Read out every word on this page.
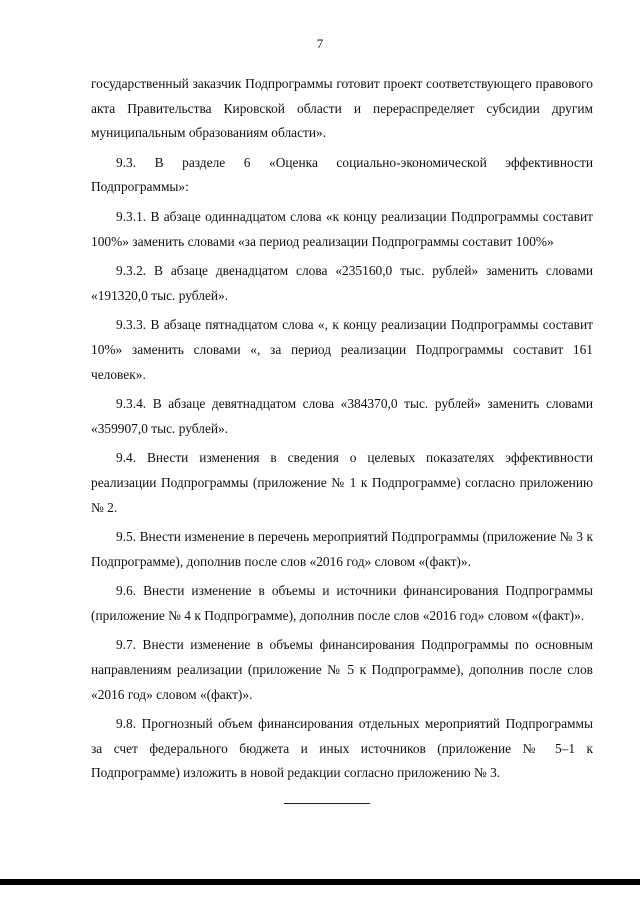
7

государственный заказчик Подпрограммы готовит проект соответствующего правового акта Правительства Кировской области и перераспределяет субсидии другим муниципальным образованиям области».

9.3. В разделе 6 «Оценка социально-экономической эффективности Подпрограммы»:

9.3.1. В абзаце одиннадцатом слова «к концу реализации Подпрограммы составит 100%» заменить словами «за период реализации Подпрограммы составит 100%»

9.3.2. В абзаце двенадцатом слова «235160,0 тыс. рублей» заменить словами «191320,0 тыс. рублей».

9.3.3. В абзаце пятнадцатом слова «, к концу реализации Подпрограммы составит 10%» заменить словами «, за период реализации Подпрограммы составит 161 человек».

9.3.4. В абзаце девятнадцатом слова «384370,0 тыс. рублей» заменить словами «359907,0 тыс. рублей».

9.4. Внести изменения в сведения о целевых показателях эффективности реализации Подпрограммы (приложение № 1 к Подпрограмме) согласно приложению № 2.

9.5. Внести изменение в перечень мероприятий Подпрограммы (приложение № 3 к Подпрограмме), дополнив после слов «2016 год» словом «(факт)».

9.6. Внести изменение в объемы и источники финансирования Подпрограммы (приложение № 4 к Подпрограмме), дополнив после слов «2016 год» словом «(факт)».

9.7. Внести изменение в объемы финансирования Подпрограммы по основным направлениям реализации (приложение № 5 к Подпрограмме), дополнив после слов «2016 год» словом «(факт)».

9.8. Прогнозный объем финансирования отдельных мероприятий Подпрограммы за счет федерального бюджета и иных источников (приложение № 5–1 к Подпрограмме) изложить в новой редакции согласно приложению № 3.
